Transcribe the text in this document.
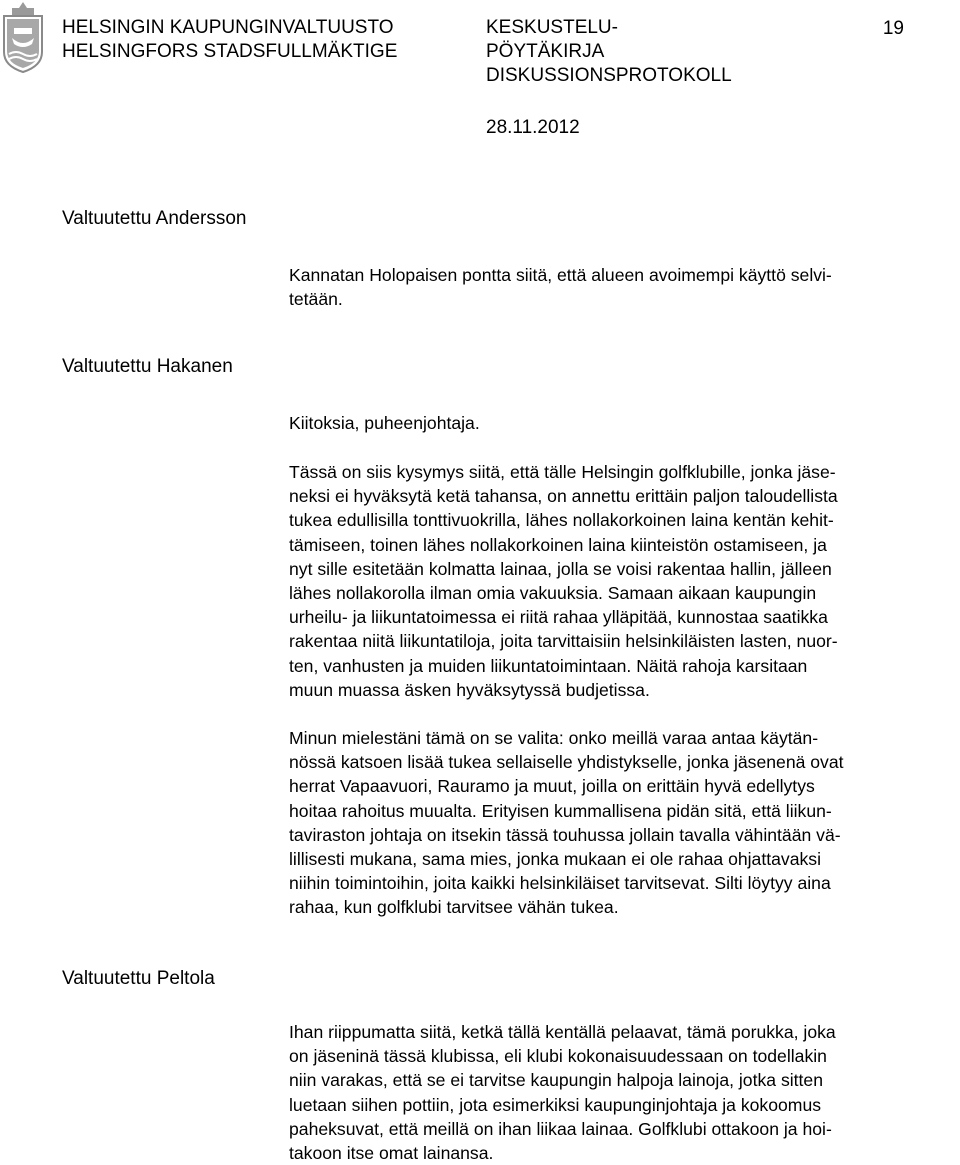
HELSINGIN KAUPUNGINVALTUUSTO
HELSINGFORS STADSFULLMÄKTIGE
KESKUSTELU-
PÖYTÄKIRJA
DISKUSSIONSPROTOKOLL
28.11.2012
19
Valtuutettu Andersson

Kannatan Holopaisen pontta siitä, että alueen avoimempi käyttö selvi-
tetään.

Valtuutettu Hakanen

Kiitoksia, puheenjohtaja.

Tässä on siis kysymys siitä, että tälle Helsingin golfklubille, jonka jäse-
neksi ei hyväksytä ketä tahansa, on annettu erittäin paljon taloudellista
tukea edullisilla tonttivuokrilla, lähes nollakorkoinen laina kentän kehit-
tämiseen, toinen lähes nollakorkoinen laina kiinteistön ostamiseen, ja
nyt sille esitetään kolmatta lainaa, jolla se voisi rakentaa hallin, jälleen
lähes nollakorolla ilman omia vakuuksia. Samaan aikaan kaupungin
urheilu- ja liikuntatoimessa ei riitä rahaa ylläpitää, kunnostaa saatikka
rakentaa niitä liikuntatiloja, joita tarvittaisiin helsinkiläisten lasten, nuor-
ten, vanhusten ja muiden liikuntatoimintaan. Näitä rahoja karsitaan
muun muassa äsken hyväksytyssä budjetissa.

Minun mielestäni tämä on se valita: onko meillä varaa antaa käytän-
nössä katsoen lisää tukea sellaiselle yhdistykselle, jonka jäsenenä ovat
herrat Vapaavuori, Rauramo ja muut, joilla on erittäin hyvä edellytys
hoitaa rahoitus muualta. Erityisen kummallisena pidän sitä, että liikun-
taviraston johtaja on itsekin tässä touhussa jollain tavalla vähintään vä-
lillisesti mukana, sama mies, jonka mukaan ei ole rahaa ohjattavaksi
niihin toimintoihin, joita kaikki helsinkiläiset tarvitsevat. Silti löytyy aina
rahaa, kun golfklubi tarvitsee vähän tukea.

Valtuutettu Peltola

Ihan riippumatta siitä, ketkä tällä kentällä pelaavat, tämä porukka, joka
on jäseninä tässä klubissa, eli klubi kokonaisuudessaan on todellakin
niin varakas, että se ei tarvitse kaupungin halpoja lainoja, jotka sitten
luetaan siihen pottiin, jota esimerkiksi kaupunginjohtaja ja kokoomus
paheksuvat, että meillä on ihan liikaa lainaa. Golfklubi ottakoon ja hoi-
takoon itse omat lainansa.
